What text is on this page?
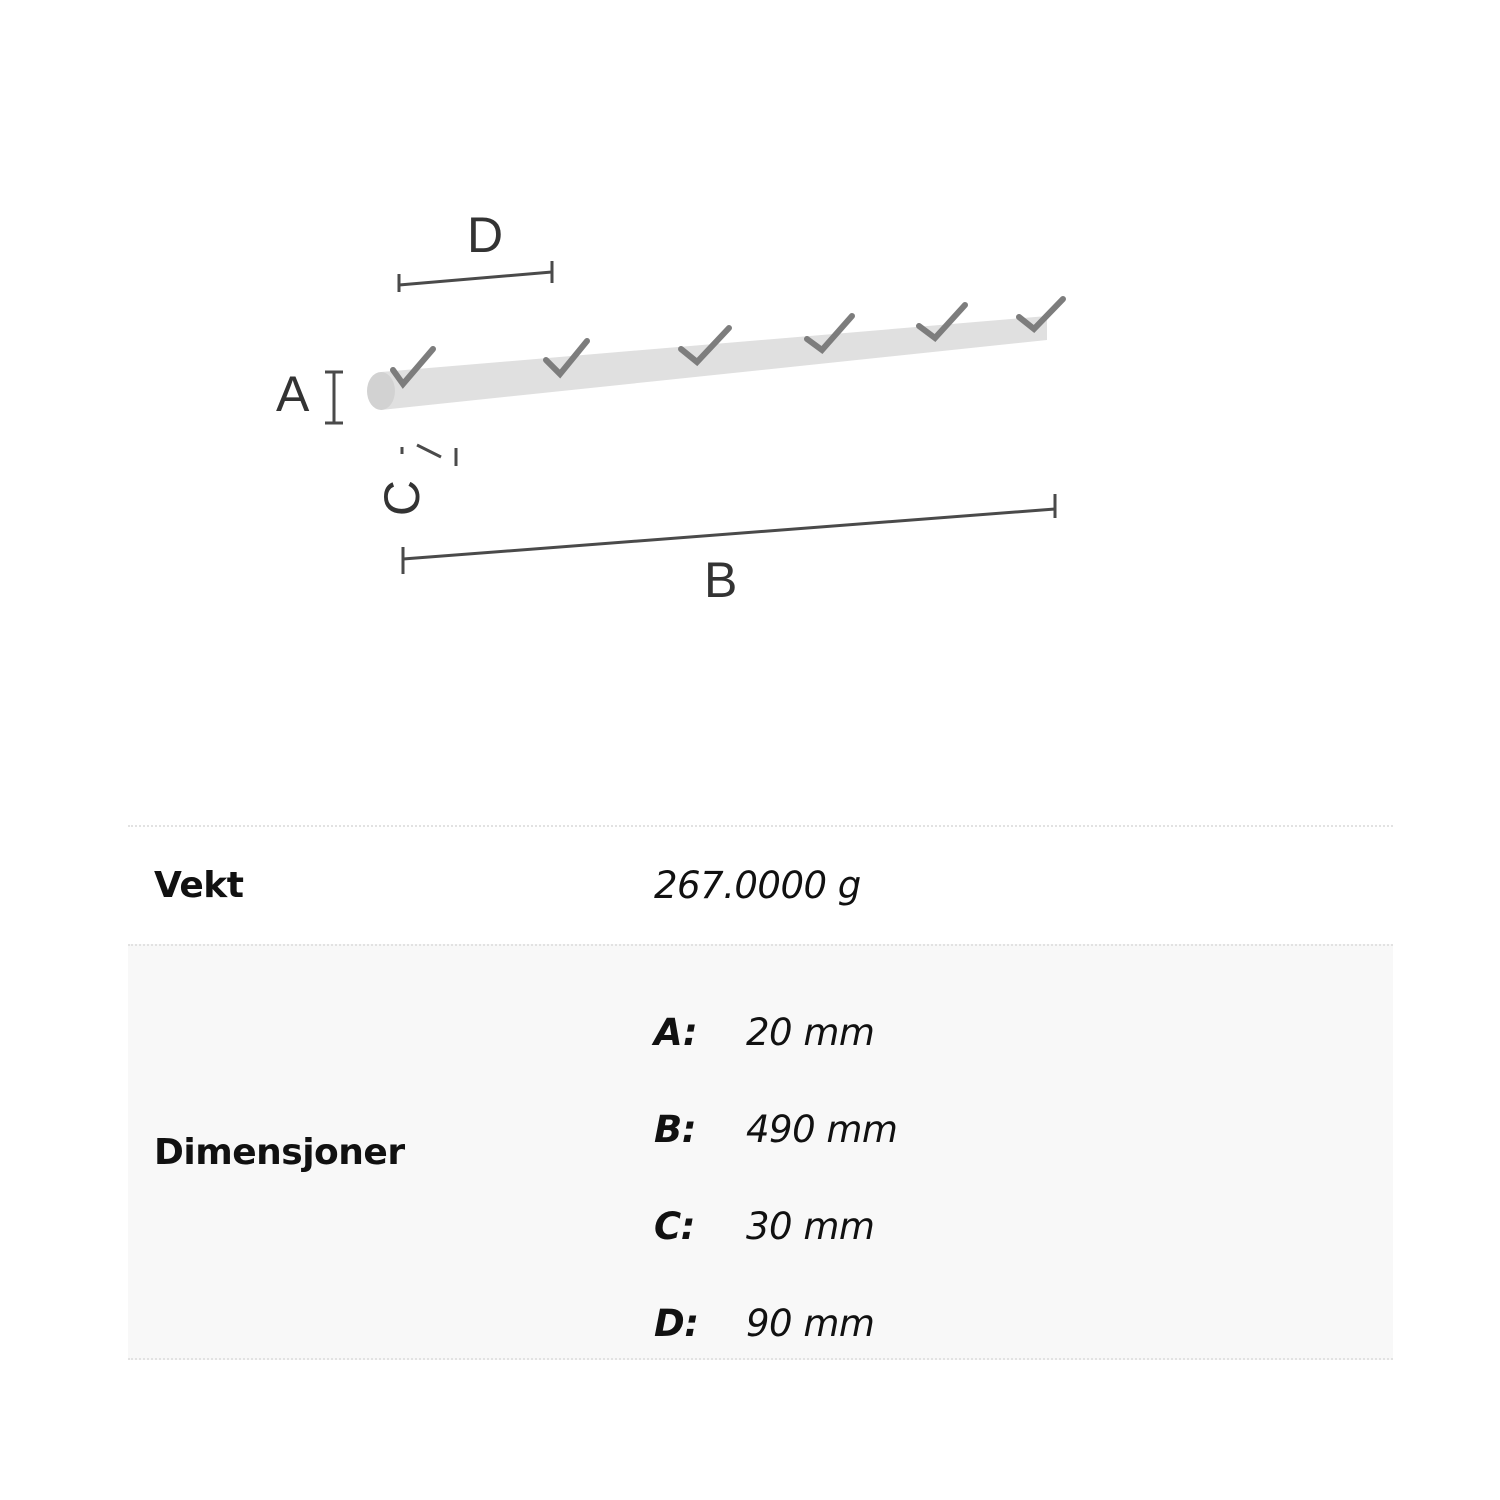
D
A
C
B
Vekt	267.0000 g
Dimensjoner
A:	20 mm
B:	490 mm
C:	30 mm
D:	90 mm
